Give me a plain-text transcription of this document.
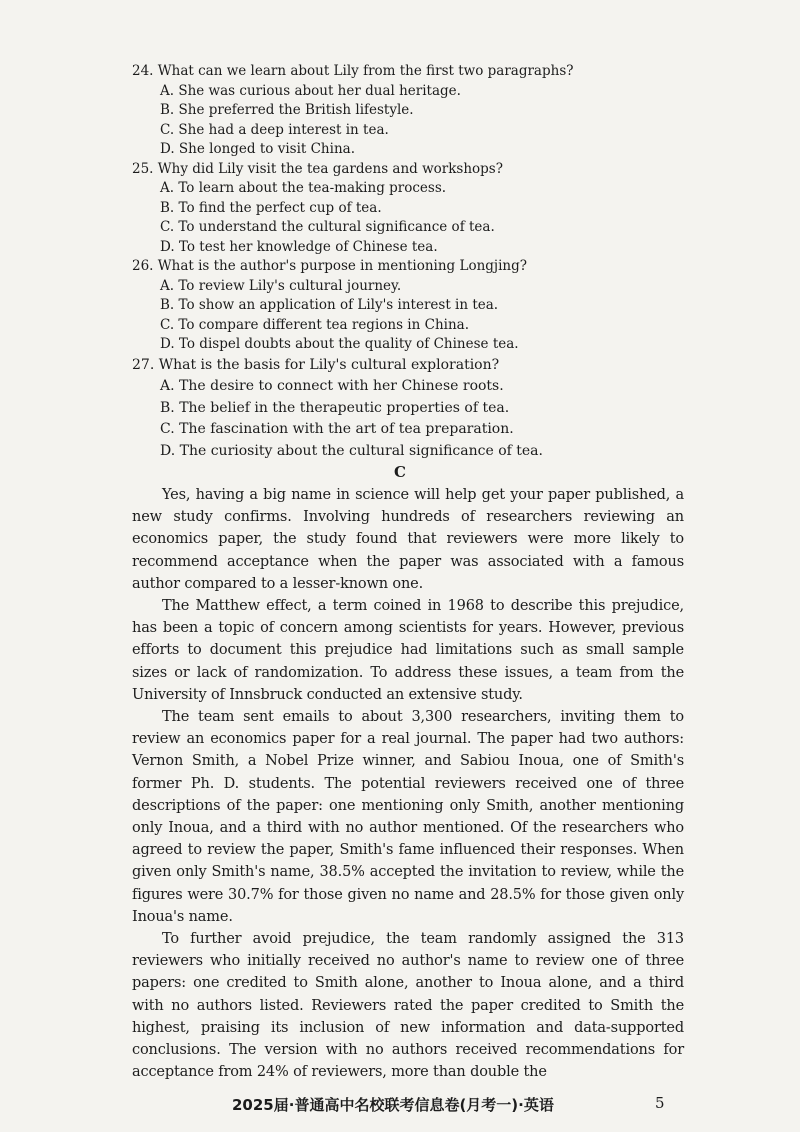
24. What can we learn about Lily from the first two paragraphs?
A. She was curious about her dual heritage.
B. She preferred the British lifestyle.
C. She had a deep interest in tea.
D. She longed to visit China.
25. Why did Lily visit the tea gardens and workshops?
A. To learn about the tea-making process.
B. To find the perfect cup of tea.
C. To understand the cultural significance of tea.
D. To test her knowledge of Chinese tea.
26. What is the author's purpose in mentioning Longjing?
A. To review Lily's cultural journey.
B. To show an application of Lily's interest in tea.
C. To compare different tea regions in China.
D. To dispel doubts about the quality of Chinese tea.
27. What is the basis for Lily's cultural exploration?
A. The desire to connect with her Chinese roots.
B. The belief in the therapeutic properties of tea.
C. The fascination with the art of tea preparation.
D. The curiosity about the cultural significance of tea.
C

Yes, having a big name in science will help get your paper published, a new study confirms. Involving hundreds of researchers reviewing an economics paper, the study found that reviewers were more likely to recommend acceptance when the paper was associated with a famous author compared to a lesser-known one.

The Matthew effect, a term coined in 1968 to describe this prejudice, has been a topic of concern among scientists for years. However, previous efforts to document this prejudice had limitations such as small sample sizes or lack of randomization. To address these issues, a team from the University of Innsbruck conducted an extensive study.

The team sent emails to about 3,300 researchers, inviting them to review an economics paper for a real journal. The paper had two authors: Vernon Smith, a Nobel Prize winner, and Sabiou Inoua, one of Smith's former Ph. D. students. The potential reviewers received one of three descriptions of the paper: one mentioning only Smith, another mentioning only Inoua, and a third with no author mentioned. Of the researchers who agreed to review the paper, Smith's fame influenced their responses. When given only Smith's name, 38.5% accepted the invitation to review, while the figures were 30.7% for those given no name and 28.5% for those given only Inoua's name.

To further avoid prejudice, the team randomly assigned the 313 reviewers who initially received no author's name to review one of three papers: one credited to Smith alone, another to Inoua alone, and a third with no authors listed. Reviewers rated the paper credited to Smith the highest, praising its inclusion of new information and data-supported conclusions. The version with no authors received recommendations for acceptance from 24% of reviewers, more than double the

2025届·普通高中名校联考信息卷(月考一)·英语	5
